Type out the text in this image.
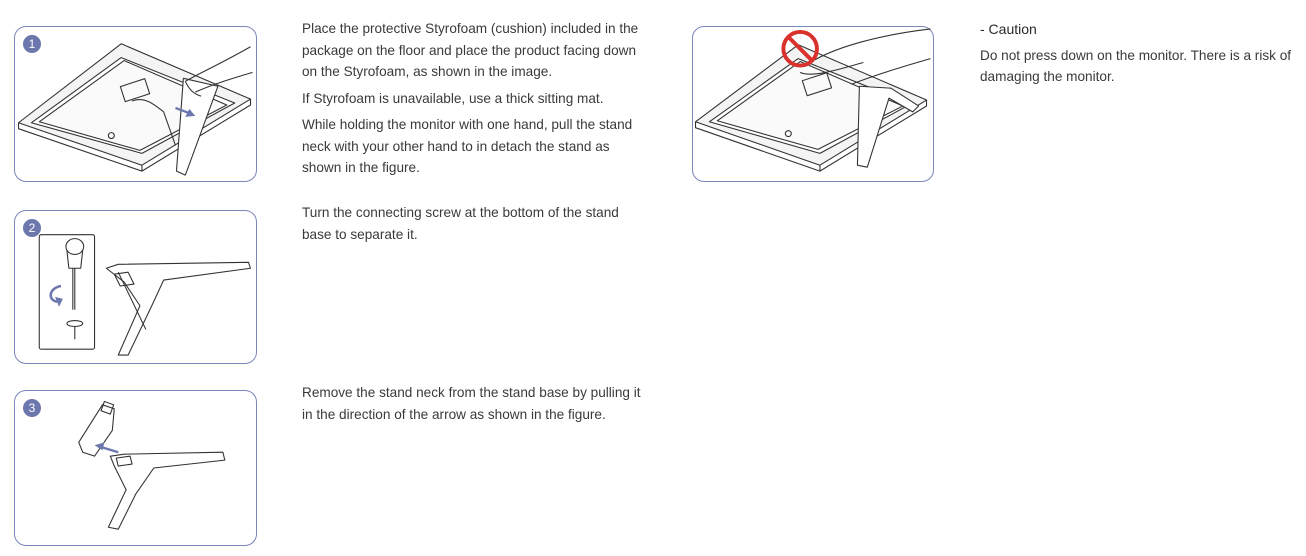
1
2
3

Place the protective Styrofoam (cushion) included in the package on the floor and place the product facing down on the Styrofoam, as shown in the image.

If Styrofoam is unavailable, use a thick sitting mat.

While holding the monitor with one hand, pull the stand neck with your other hand to in detach the stand as shown in the figure.

Turn the connecting screw at the bottom of the stand base to separate it.

Remove the stand neck from the stand base by pulling it in the direction of the arrow as shown in the figure.

- Caution

Do not press down on the monitor. There is a risk of damaging the monitor.
